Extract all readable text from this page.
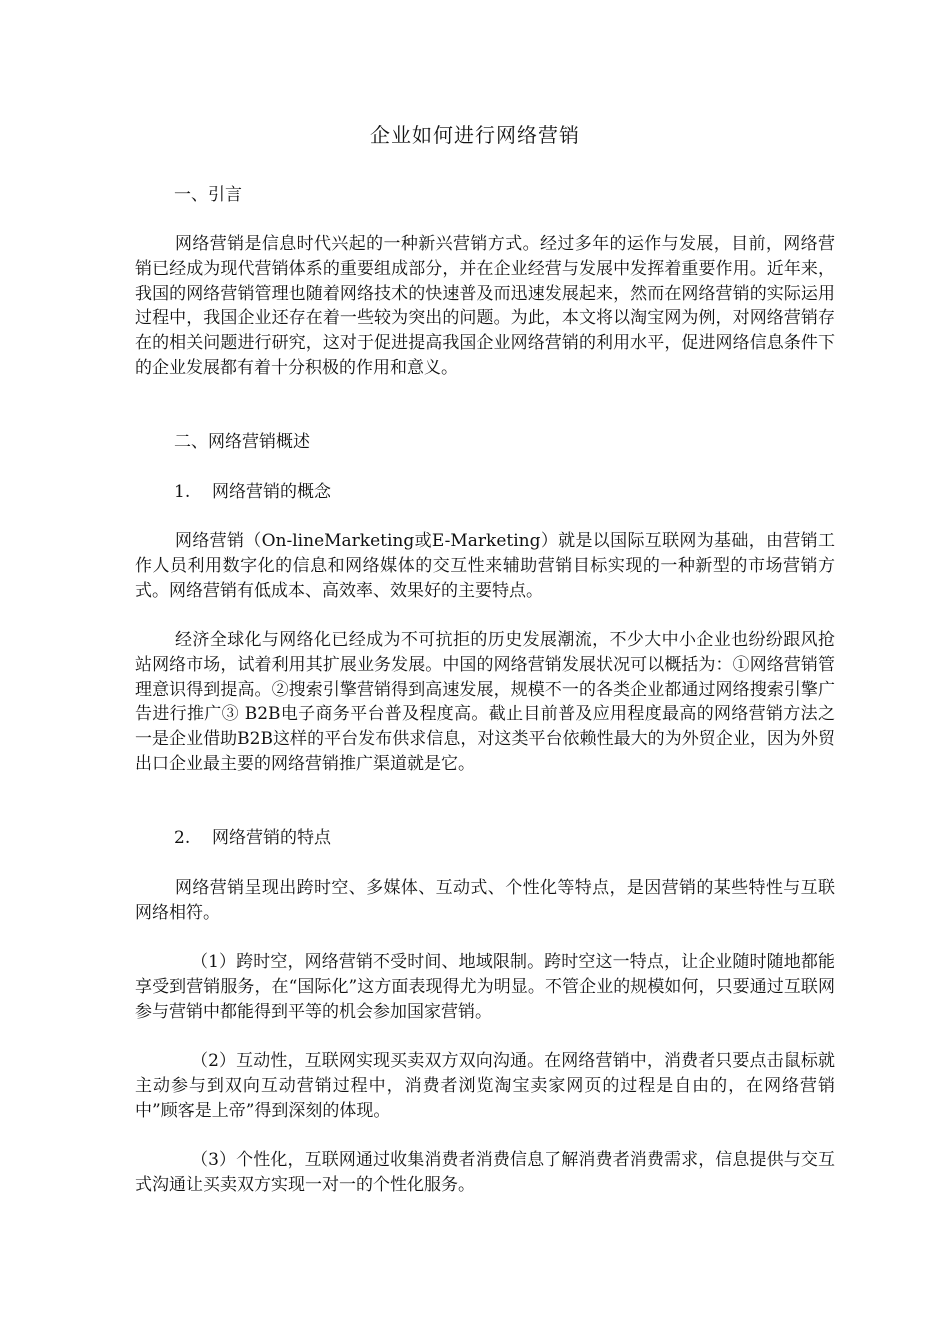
企业如何进行网络营销
一、引言
网络营销是信息时代兴起的一种新兴营销方式。经过多年的运作与发展，目前，网络营销已经成为现代营销体系的重要组成部分，并在企业经营与发展中发挥着重要作用。近年来，我国的网络营销管理也随着网络技术的快速普及而迅速发展起来，然而在网络营销的实际运用过程中，我国企业还存在着一些较为突出的问题。为此，本文将以淘宝网为例，对网络营销存在的相关问题进行研究，这对于促进提高我国企业网络营销的利用水平，促进网络信息条件下的企业发展都有着十分积极的作用和意义。
二、网络营销概述
1. 网络营销的概念
网络营销（On-lineMarketing或E-Marketing）就是以国际互联网为基础，由营销工作人员利用数字化的信息和网络媒体的交互性来辅助营销目标实现的一种新型的市场营销方式。网络营销有低成本、高效率、效果好的主要特点。
经济全球化与网络化已经成为不可抗拒的历史发展潮流，不少大中小企业也纷纷跟风抢站网络市场，试着利用其扩展业务发展。中国的网络营销发展状况可以概括为：①网络营销管理意识得到提高。②搜索引擎营销得到高速发展，规模不一的各类企业都通过网络搜索引擎广告进行推广③ B2B电子商务平台普及程度高。截止目前普及应用程度最高的网络营销方法之一是企业借助B2B这样的平台发布供求信息，对这类平台依赖性最大的为外贸企业，因为外贸出口企业最主要的网络营销推广渠道就是它。
2. 网络营销的特点
网络营销呈现出跨时空、多媒体、互动式、个性化等特点，是因营销的某些特性与互联网络相符。
（1）跨时空，网络营销不受时间、地域限制。跨时空这一特点，让企业随时随地都能享受到营销服务，在“国际化”这方面表现得尤为明显。不管企业的规模如何，只要通过互联网参与营销中都能得到平等的机会参加国家营销。
（2）互动性，互联网实现买卖双方双向沟通。在网络营销中，消费者只要点击鼠标就主动参与到双向互动营销过程中，消费者浏览淘宝卖家网页的过程是自由的，在网络营销中”顾客是上帝”得到深刻的体现。
（3）个性化，互联网通过收集消费者消费信息了解消费者消费需求，信息提供与交互式沟通让买卖双方实现一对一的个性化服务。
